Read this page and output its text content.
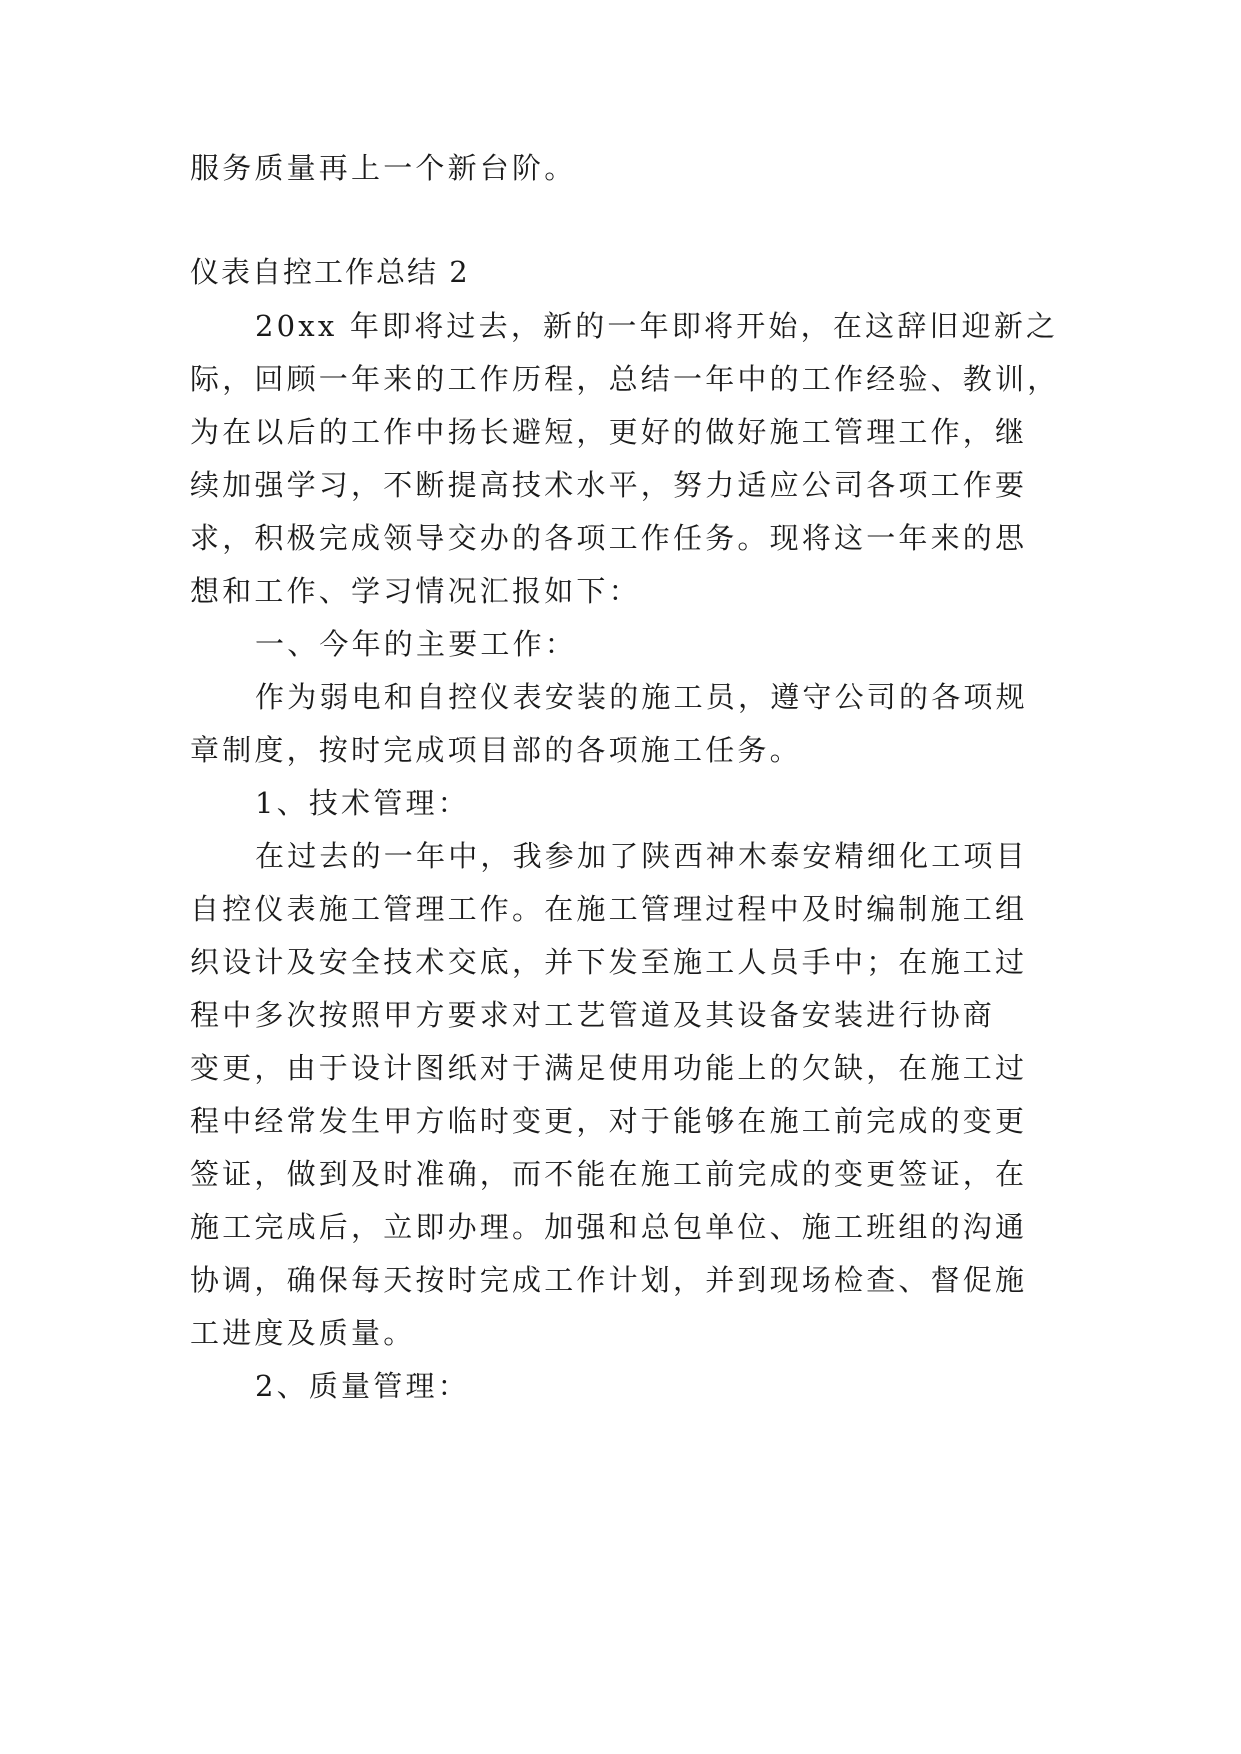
服务质量再上一个新台阶。
仪表自控工作总结 2
20xx 年即将过去，新的一年即将开始，在这辞旧迎新之
际，回顾一年来的工作历程，总结一年中的工作经验、教训，
为在以后的工作中扬长避短，更好的做好施工管理工作，继
续加强学习，不断提高技术水平，努力适应公司各项工作要
求，积极完成领导交办的各项工作任务。现将这一年来的思
想和工作、学习情况汇报如下：
一、今年的主要工作：
作为弱电和自控仪表安装的施工员，遵守公司的各项规
章制度，按时完成项目部的各项施工任务。
1、技术管理：
在过去的一年中，我参加了陕西神木泰安精细化工项目
自控仪表施工管理工作。在施工管理过程中及时编制施工组
织设计及安全技术交底，并下发至施工人员手中；在施工过
程中多次按照甲方要求对工艺管道及其设备安装进行协商
变更，由于设计图纸对于满足使用功能上的欠缺，在施工过
程中经常发生甲方临时变更，对于能够在施工前完成的变更
签证，做到及时准确，而不能在施工前完成的变更签证，在
施工完成后，立即办理。加强和总包单位、施工班组的沟通
协调，确保每天按时完成工作计划，并到现场检查、督促施
工进度及质量。
2、质量管理：
